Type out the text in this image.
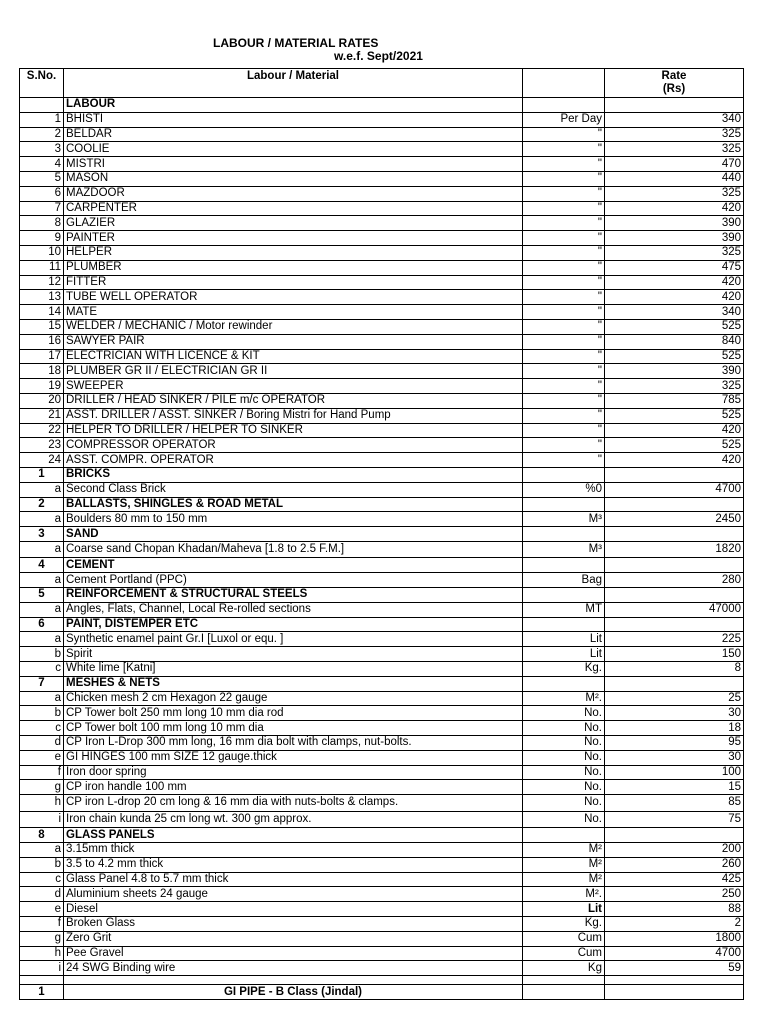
LABOUR / MATERIAL RATES
w.e.f. Sept/2021
S.No.	Labour / Material		Rate
(Rs)
	LABOUR		
1	BHISTI	Per Day	340
2	BELDAR	"	325
3	COOLIE	"	325
4	MISTRI	"	470
5	MASON	"	440
6	MAZDOOR	"	325
7	CARPENTER	"	420
8	GLAZIER	"	390
9	PAINTER	"	390
10	HELPER	"	325
11	PLUMBER	"	475
12	FITTER	"	420
13	TUBE WELL OPERATOR	"	420
14	MATE	"	340
15	WELDER / MECHANIC / Motor rewinder	"	525
16	SAWYER PAIR	"	840
17	ELECTRICIAN WITH LICENCE & KIT	"	525
18	PLUMBER GR II / ELECTRICIAN GR II	"	390
19	SWEEPER	"	325
20	DRILLER / HEAD SINKER / PILE m/c OPERATOR	"	785
21	ASST. DRILLER / ASST. SINKER / Boring Mistri for Hand Pump	"	525
22	HELPER TO DRILLER / HELPER TO SINKER	"	420
23	COMPRESSOR OPERATOR	"	525
24	ASST. COMPR. OPERATOR	"	420
1	BRICKS		
a	Second Class Brick	%0	4700
2	BALLASTS, SHINGLES & ROAD METAL		
a	Boulders 80 mm to 150 mm	M³	2450
3	SAND		
a	Coarse sand Chopan Khadan/Maheva [1.8 to 2.5 F.M.]	M³	1820
4	CEMENT		
a	Cement Portland (PPC)	Bag	280
5	REINFORCEMENT & STRUCTURAL STEELS		
a	Angles, Flats, Channel, Local Re-rolled sections	MT	47000
6	PAINT, DISTEMPER ETC		
a	Synthetic enamel paint Gr.I [Luxol or equ. ]	Lit	225
b	Spirit	Lit	150
c	White lime [Katni]	Kg.	8
7	MESHES & NETS		
a	Chicken mesh 2 cm Hexagon 22 gauge	M².	25
b	CP Tower bolt 250 mm long 10 mm dia rod	No.	30
c	CP Tower bolt 100 mm long 10 mm dia	No.	18
d	CP Iron L-Drop 300 mm long, 16 mm dia bolt with clamps, nut-bolts.	No.	95
e	GI HINGES 100 mm SIZE 12 gauge.thick	No.	30
f	Iron door spring	No.	100
g	CP iron handle 100 mm	No.	15
h	CP iron L-drop 20 cm long & 16 mm dia with nuts-bolts & clamps.	No.	85
i	Iron chain kunda 25 cm long wt. 300 gm approx.	No.	75
8	GLASS PANELS		
a	3.15mm thick	M²	200
b	3.5 to 4.2 mm thick	M²	260
c	Glass Panel 4.8 to 5.7 mm thick	M²	425
d	Aluminium sheets 24 gauge	M².	250
e	Diesel	Lit	88
f	Broken Glass	Kg.	2
g	Zero Grit	Cum	1800
h	Pee Gravel	Cum	4700
i	24 SWG Binding wire	Kg	59

1	GI PIPE - B Class (Jindal)		
